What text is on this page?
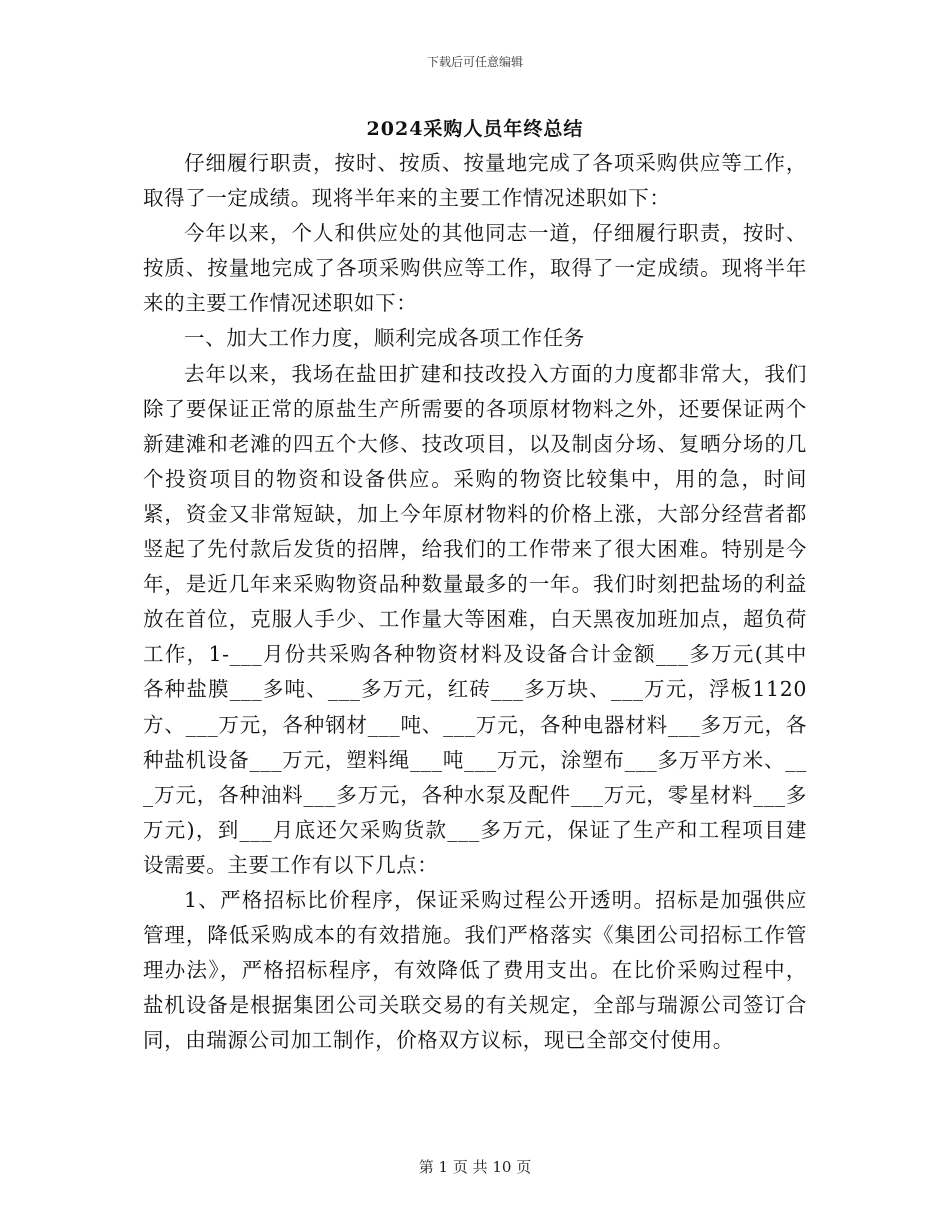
下载后可任意编辑
2024采购人员年终总结

仔细履行职责，按时、按质、按量地完成了各项采购供应等工作，取得了一定成绩。现将半年来的主要工作情况述职如下：

今年以来，个人和供应处的其他同志一道，仔细履行职责，按时、按质、按量地完成了各项采购供应等工作，取得了一定成绩。现将半年来的主要工作情况述职如下：

一、加大工作力度，顺利完成各项工作任务

去年以来，我场在盐田扩建和技改投入方面的力度都非常大，我们除了要保证正常的原盐生产所需要的各项原材物料之外，还要保证两个新建滩和老滩的四五个大修、技改项目，以及制卤分场、复晒分场的几个投资项目的物资和设备供应。采购的物资比较集中，用的急，时间紧，资金又非常短缺，加上今年原材物料的价格上涨，大部分经营者都竖起了先付款后发货的招牌，给我们的工作带来了很大困难。特别是今年，是近几年来采购物资品种数量最多的一年。我们时刻把盐场的利益放在首位，克服人手少、工作量大等困难，白天黑夜加班加点，超负荷工作，1-___月份共采购各种物资材料及设备合计金额___多万元(其中各种盐膜___多吨、___多万元，红砖___多万块、___万元，浮板1120方、___万元，各种钢材___吨、___万元，各种电器材料___多万元，各种盐机设备___万元，塑料绳___吨___万元，涂塑布___多万平方米、___万元，各种油料___多万元，各种水泵及配件___万元，零星材料___多万元)，到___月底还欠采购货款___多万元，保证了生产和工程项目建设需要。主要工作有以下几点：

1、严格招标比价程序，保证采购过程公开透明。招标是加强供应管理，降低采购成本的有效措施。我们严格落实《集团公司招标工作管理办法》，严格招标程序，有效降低了费用支出。在比价采购过程中，盐机设备是根据集团公司关联交易的有关规定，全部与瑞源公司签订合同，由瑞源公司加工制作，价格双方议标，现已全部交付使用。

第 1 页 共 10 页
